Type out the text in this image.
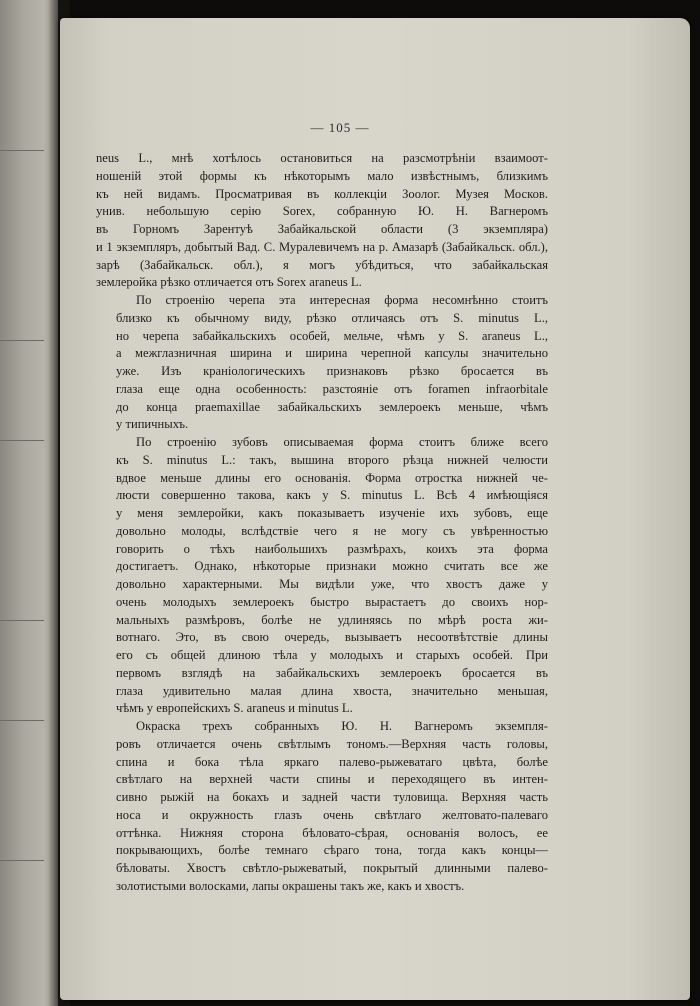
— 105 —

neus L., мнѣ хотѣлось остановиться на разсмотрѣніи взаимоот-
ношеній этой формы къ нѣкоторымъ мало извѣстнымъ, близкимъ
къ ней видамъ. Просматривая въ коллекціи Зоолог. Музея Москов.
унив. небольшую серію Sorex, собранную Ю. Н. Вагнеромъ
въ Горномъ Зарентуѣ Забайкальской области (3 экземпляра)
и 1 экземпляръ, добытый Вад. С. Муралевичемъ на р. Амазарѣ (Забайкальск. обл.),
зарѣ (Забайкальск. обл.), я могъ убѣдиться, что забайкальская
землеройка рѣзко отличается отъ Sorex araneus L.

По строенію черепа эта интересная форма несомнѣнно стоитъ
близко къ обычному виду, рѣзко отличаясь отъ S. minutus L.,
но черепа забайкальскихъ особей, мельче, чѣмъ у S. araneus L.,
а межглазничная ширина и ширина черепной капсулы значительно
уже. Изъ краніологическихъ признаковъ рѣзко бросается въ
глаза еще одна особенность: разстояніе отъ foramen infraorbitale
до конца praemaxillae забайкальскихъ землероекъ меньше, чѣмъ
у типичныхъ.

По строенію зубовъ описываемая форма стоитъ ближе всего
къ S. minutus L.: такъ, вышина второго рѣзца нижней челюсти
вдвое меньше длины его основанія. Форма отростка нижней че-
люсти совершенно такова, какъ у S. minutus L. Всѣ 4 имѣющіяся
у меня землеройки, какъ показываетъ изученіе ихъ зубовъ, еще
довольно молоды, вслѣдствіе чего я не могу съ увѣренностью
говорить о тѣхъ наибольшихъ размѣрахъ, коихъ эта форма
достигаетъ. Однако, нѣкоторые признаки можно считать все же
довольно характерными. Мы видѣли уже, что хвостъ даже у
очень молодыхъ землероекъ быстро вырастаетъ до своихъ нор-
мальныхъ размѣровъ, болѣе не удлиняясь по мѣрѣ роста жи-
вотнаго. Это, въ свою очередь, вызываетъ несоотвѣтствіе длины
его съ общей длиною тѣла у молодыхъ и старыхъ особей. При
первомъ взглядѣ на забайкальскихъ землероекъ бросается въ
глаза удивительно малая длина хвоста, значительно меньшая,
чѣмъ у европейскихъ S. araneus и minutus L.

Окраска трехъ собранныхъ Ю. Н. Вагнеромъ экземпля-
ровъ отличается очень свѣтлымъ тономъ.—Верхняя часть головы,
спина и бока тѣла яркаго палево-рыжеватаго цвѣта, болѣе
свѣтлаго на верхней части спины и переходящего въ интен-
сивно рыжій на бокахъ и задней части туловища. Верхняя часть
носа и окружность глазъ очень свѣтлаго желтовато-палеваго
оттѣнка. Нижняя сторона бѣловато-сѣрая, основанія волосъ, ее
покрывающихъ, болѣе темнаго сѣраго тона, тогда какъ концы—
бѣловаты. Хвостъ свѣтло-рыжеватый, покрытый длинными палево-
золотистыми волосками, лапы окрашены такъ же, какъ и хвостъ.
